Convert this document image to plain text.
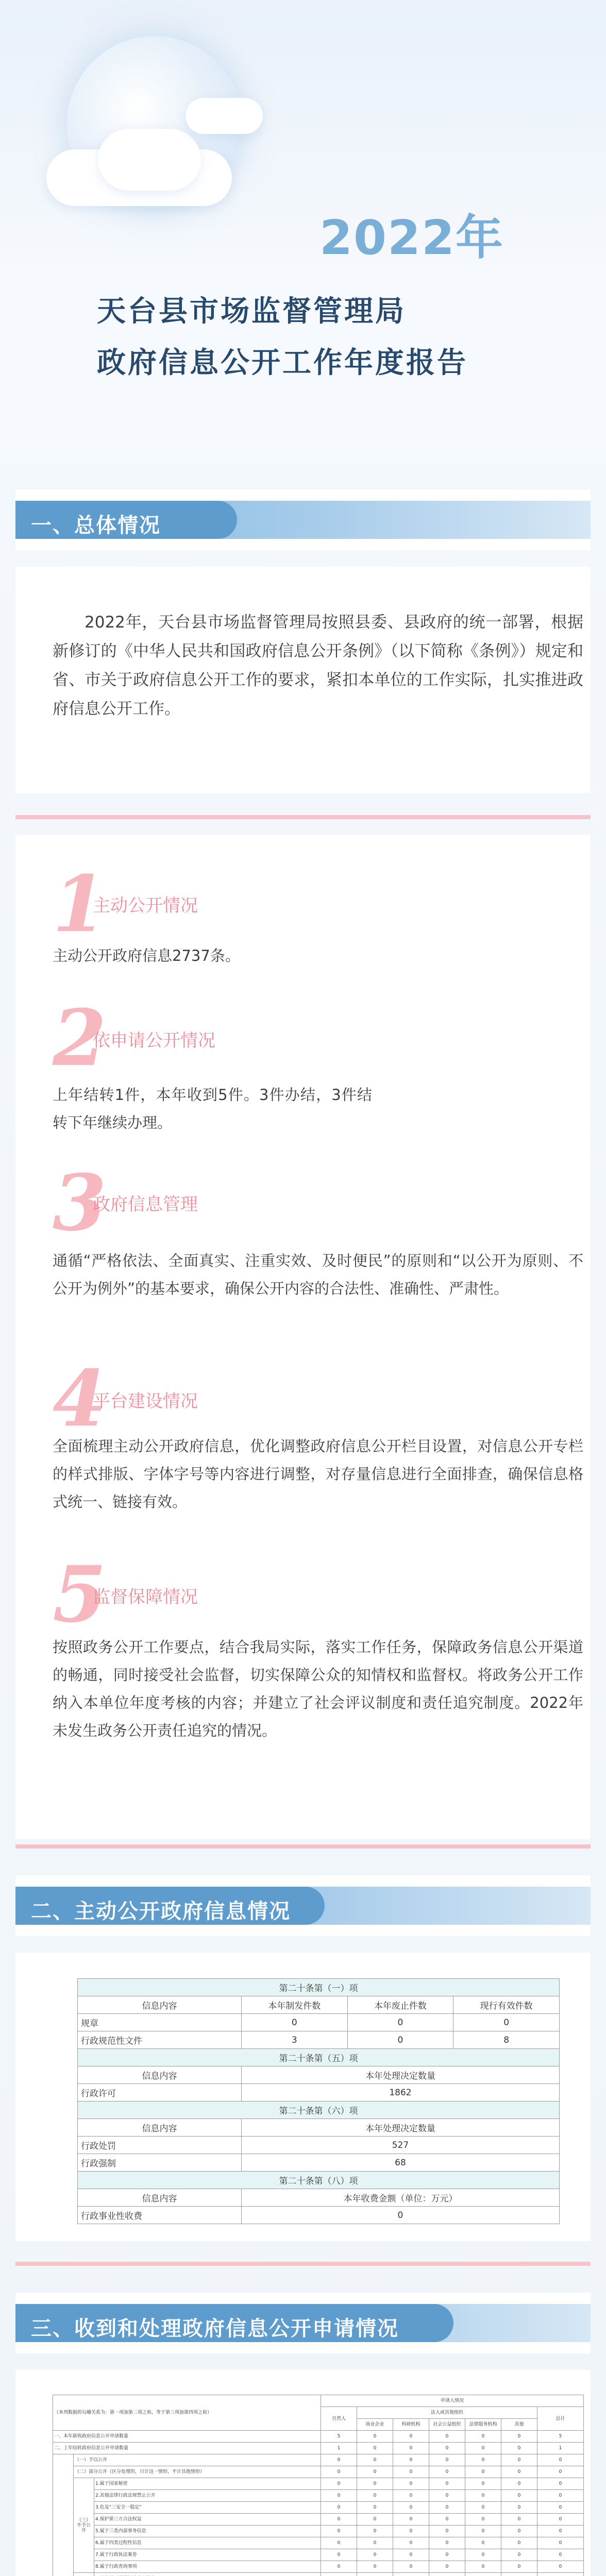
2022年
天台县市场监督管理局
政府信息公开工作年度报告
一、总体情况
2022年，天台县市场监督管理局按照县委、县政府的统一部署，根据新修订的《中华人民共和国政府信息公开条例》（以下简称《条例》）规定和省、市关于政府信息公开工作的要求，紧扣本单位的工作实际，扎实推进政府信息公开工作。
1
主动公开情况
主动公开政府信息2737条。
2
依申请公开情况
上年结转1件，本年收到5件。3件办结，3件结转下年继续办理。
3
政府信息管理
通循“严格依法、全面真实、注重实效、及时便民”的原则和“以公开为原则、不公开为例外”的基本要求，确保公开内容的合法性、准确性、严肃性。
4
平台建设情况
全面梳理主动公开政府信息，优化调整政府信息公开栏目设置，对信息公开专栏的样式排版、字体字号等内容进行调整，对存量信息进行全面排查，确保信息格式统一、链接有效。
5
监督保障情况
按照政务公开工作要点，结合我局实际，落实工作任务，保障政务信息公开渠道的畅通，同时接受社会监督，切实保障公众的知情权和监督权。将政务公开工作纳入本单位年度考核的内容；并建立了社会评议制度和责任追究制度。2022年未发生政务公开责任追究的情况。
二、主动公开政府信息情况
第二十条第（一）项			
信息内容	本年制发件数	本年废止件数	现行有效件数
规章	0	0	0
行政规范性文件	3	0	8
第二十条第（五）项			
信息内容	本年处理决定数量		
行政许可	1862		
第二十条第（六）项			
信息内容	本年处理决定数量		
行政处罚	527		
行政强制	68		
第二十条第（八）项			
信息内容	本年收费金额（单位：万元）		
行政事业性收费	0		
三、收到和处理政府信息公开申请情况
（本列数据的勾稽关系为：第一项加第二项之和，等于第三项加第四项之和）			申请人情况						
			自然人	法人或其他组织					总计
				商业企业	科研机构	社会公益组织	法律服务机构	其他	
一、本年新收政府信息公开申请数量			5	0	0	0	0	0	5
二、上年结转政府信息公开申请数量			1	0	0	0	0	0	1
	（一）予以公开		0	0	0	0	0	0	0
	（二）部分公开（区分处理的，只计这一情形，不计其他情形）		0	0	0	0	0	0	0
	（三）不予公开	1.属于国家秘密	0	0	0	0	0	0	0
		2.其他法律行政法规禁止公开	0	0	0	0	0	0	0
		3.危及“三安全一稳定”	0	0	0	0	0	0	0
		4.保护第三方合法权益	0	0	0	0	0	0	0
		5.属于三类内部事务信息	0	0	0	0	0	0	0
		6.属于四类过程性信息	0	0	0	0	0	0	0
		7.属于行政执法案卷	0	0	0	0	0	0	0
		8.属于行政查询事项	0	0	0	0	0	0	0
